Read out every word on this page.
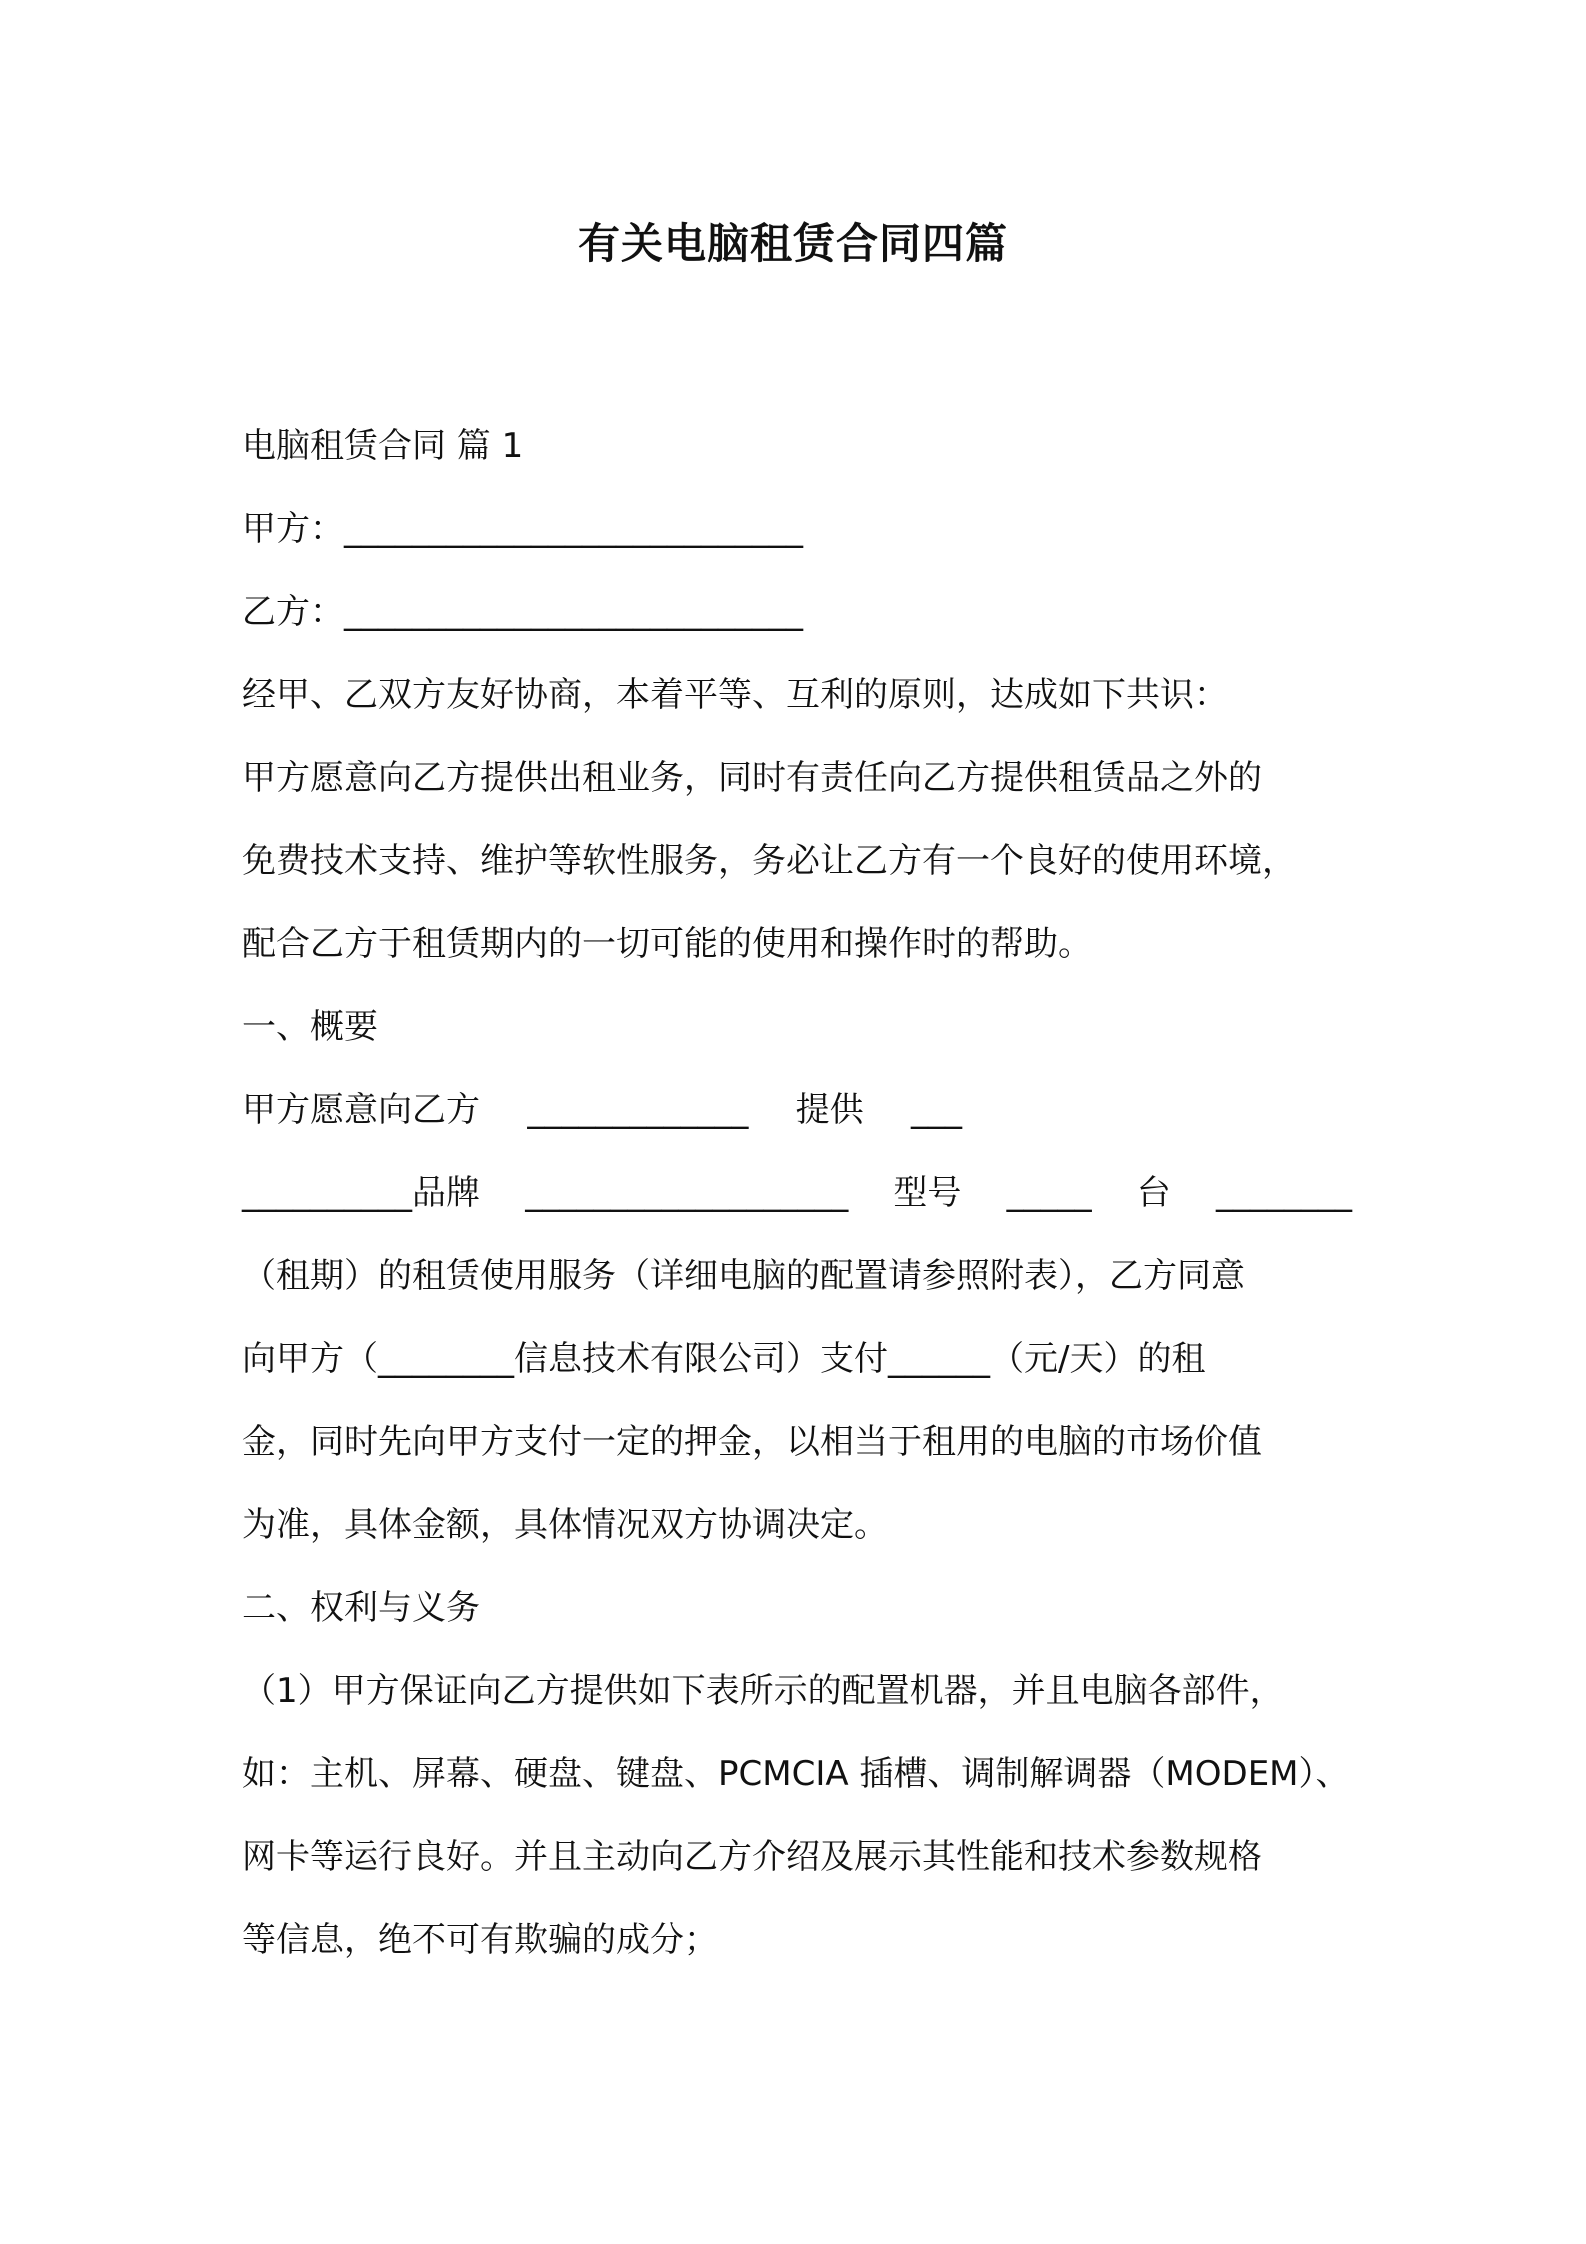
有关电脑租赁合同四篇
电脑租赁合同 篇 1
甲方：___________________________
乙方：___________________________
经甲、乙双方友好协商，本着平等、互利的原则，达成如下共识：
甲方愿意向乙方提供出租业务，同时有责任向乙方提供租赁品之外的
免费技术支持、维护等软性服务，务必让乙方有一个良好的使用环境，
配合乙方于租赁期内的一切可能的使用和操作时的帮助。
一、概要
甲方愿意向乙方 _____________ 提供 ___
__________品牌 ___________________ 型号 _____ 台 ________
（租期）的租赁使用服务（详细电脑的配置请参照附表），乙方同意
向甲方（________信息技术有限公司）支付______（元/天）的租
金，同时先向甲方支付一定的押金，以相当于租用的电脑的市场价值
为准，具体金额，具体情况双方协调决定。
二、权利与义务
（1）甲方保证向乙方提供如下表所示的配置机器，并且电脑各部件，
如：主机、屏幕、硬盘、键盘、PCMCIA 插槽、调制解调器（MODEM）、
网卡等运行良好。并且主动向乙方介绍及展示其性能和技术参数规格
等信息，绝不可有欺骗的成分；
